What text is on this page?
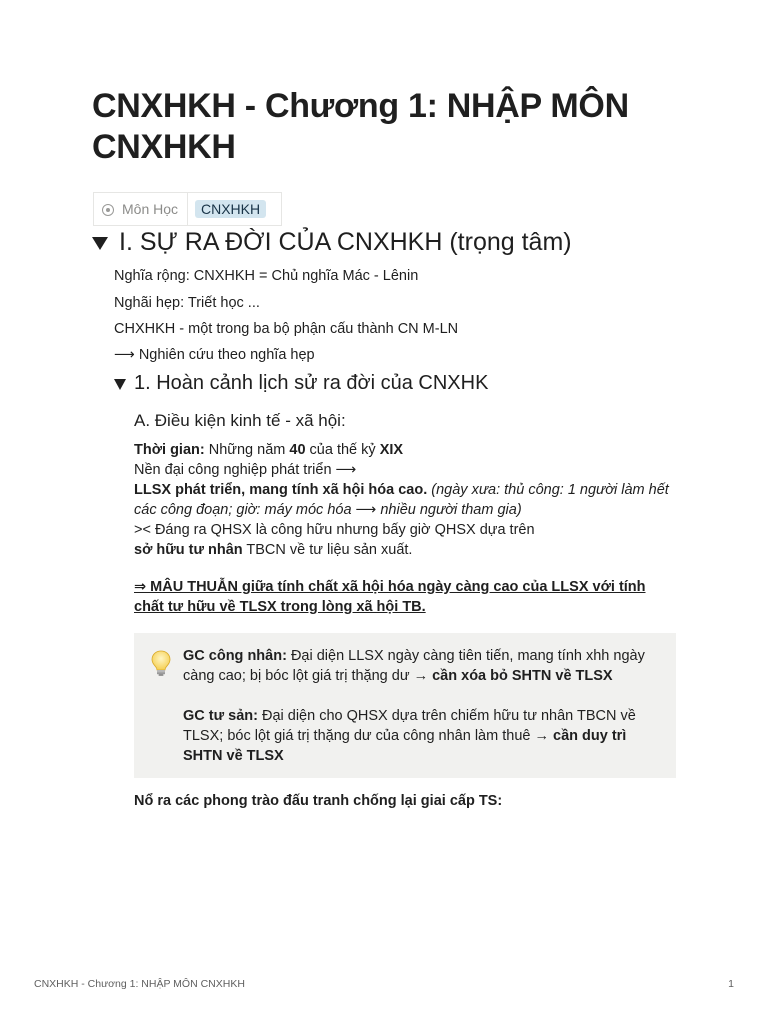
CNXHKH - Chương 1: NHẬP MÔN CNXHKH
Môn Học	CNXHKH
I. SỰ RA ĐỜI CỦA CNXHKH (trọng tâm)

Nghĩa rộng: CNXHKH = Chủ nghĩa Mác - Lênin

Nghãi hẹp: Triết học ...

CHXHKH - một trong ba bộ phận cấu thành CN M-LN

⟶ Nghiên cứu theo nghĩa hẹp

1. Hoàn cảnh lịch sử ra đời của CNXHK
A. Điều kiện kinh tế - xã hội:

Thời gian: Những năm 40 của thế kỷ XIX
Nền đại công nghiệp phát triển ⟶
LLSX phát triển, mang tính xã hội hóa cao. (ngày xưa: thủ công: 1 người làm hết các công đoạn; giờ: máy móc hóa ⟶ nhiều người tham gia)
>< Đáng ra QHSX là công hữu nhưng bấy giờ QHSX dựa trên
sở hữu tư nhân TBCN về tư liệu sản xuất.

⇒ MÂU THUẪN giữa tính chất xã hội hóa ngày càng cao của LLSX với tính chất tư hữu về TLSX trong lòng xã hội TB.

GC công nhân: Đại diện LLSX ngày càng tiên tiến, mang tính xhh ngày càng cao; bị bóc lột giá trị thặng dư → cần xóa bỏ SHTN về TLSX

GC tư sản: Đại diện cho QHSX dựa trên chiếm hữu tư nhân TBCN về TLSX; bóc lột giá trị thặng dư của công nhân làm thuê → cần duy trì SHTN về TLSX

Nổ ra các phong trào đấu tranh chống lại giai cấp TS:

CNXHKH - Chương 1: NHẬP MÔN CNXHKH	1
